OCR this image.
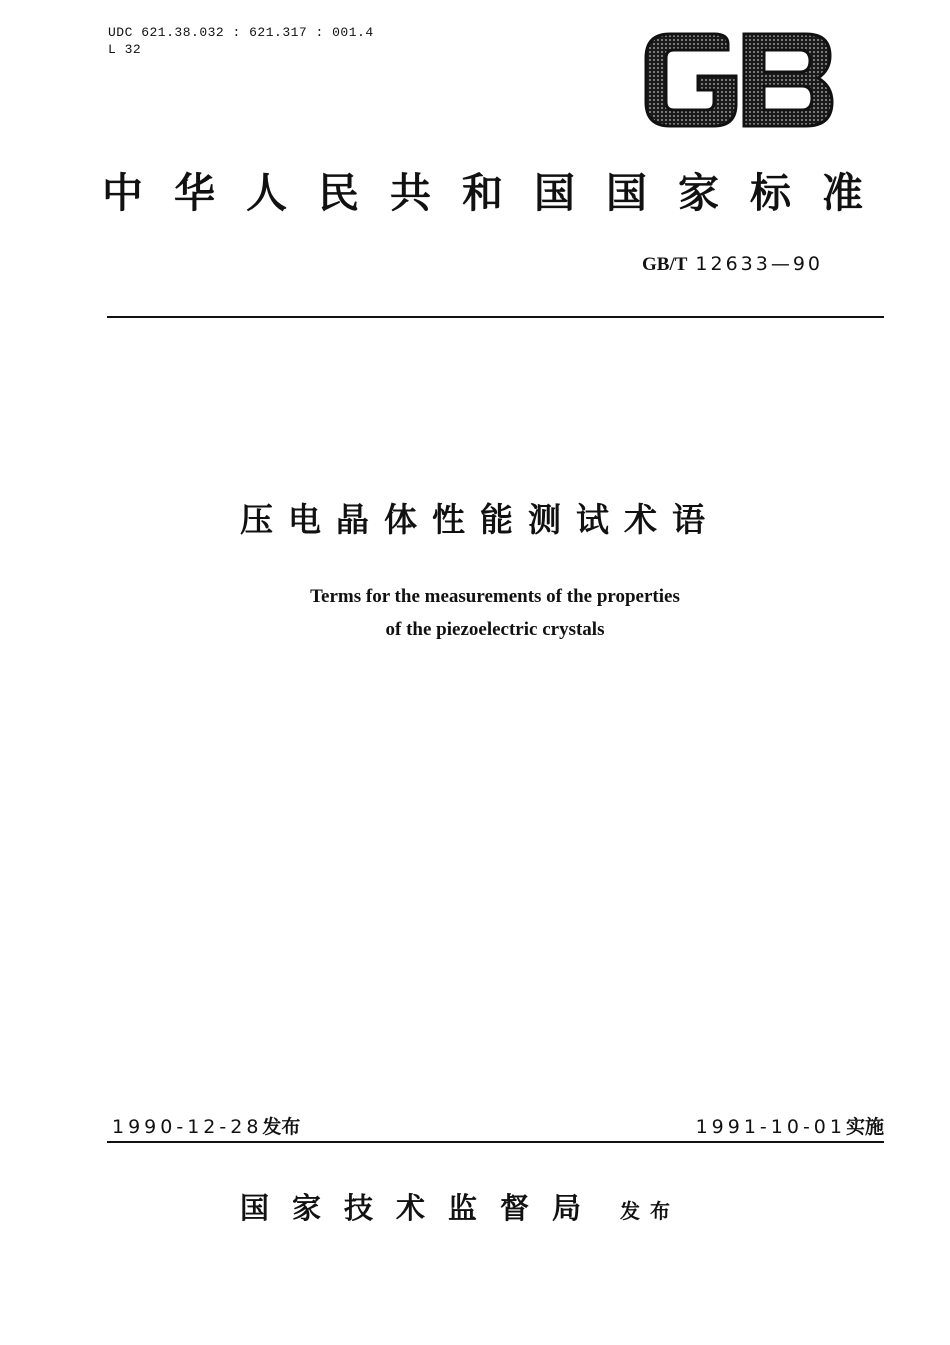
UDC 621.38.032 : 621.317 : 001.4
L 32
中华人民共和国国家标准
GB/T 12633—90
压电晶体性能测试术语
Terms for the measurements of the properties
of the piezoelectric crystals
1990-12-28发布	1991-10-01实施
国家技术监督局 发布
